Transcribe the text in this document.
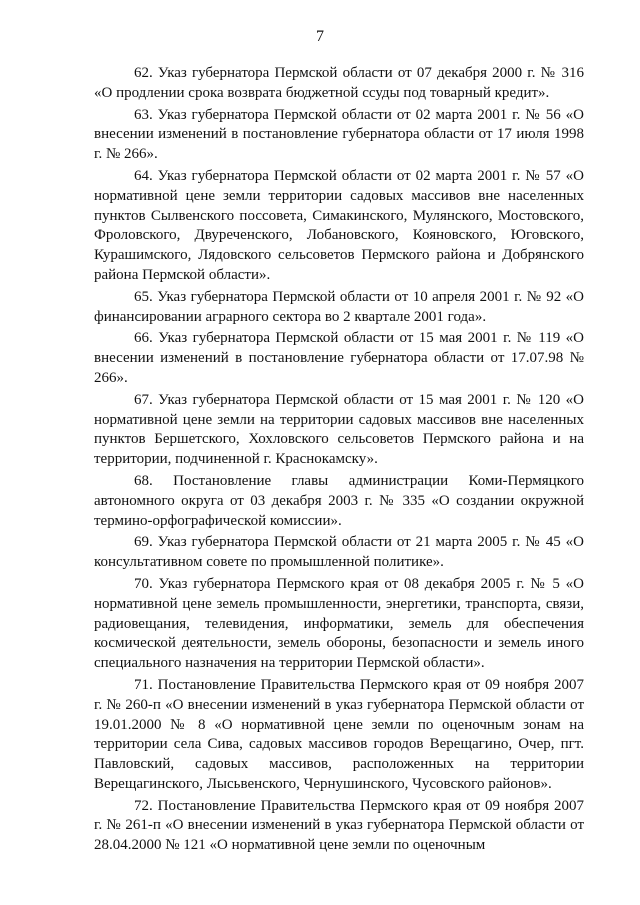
7

62. Указ губернатора Пермской области от 07 декабря 2000 г. № 316 «О продлении срока возврата бюджетной ссуды под товарный кредит».

63. Указ губернатора Пермской области от 02 марта 2001 г. № 56 «О внесении изменений в постановление губернатора области от 17 июля 1998 г. № 266».

64. Указ губернатора Пермской области от 02 марта 2001 г. № 57 «О нормативной цене земли территории садовых массивов вне населенных пунктов Сылвенского поссовета, Симакинского, Мулянского, Мостовского, Фроловского, Двуреченского, Лобановского, Кояновского, Юговского, Курашимского, Лядовского сельсоветов Пермского района и Добрянского района Пермской области».

65. Указ губернатора Пермской области от 10 апреля 2001 г. № 92 «О финансировании аграрного сектора во 2 квартале 2001 года».

66. Указ губернатора Пермской области от 15 мая 2001 г. № 119 «О внесении изменений в постановление губернатора области от 17.07.98 № 266».

67. Указ губернатора Пермской области от 15 мая 2001 г. № 120 «О нормативной цене земли на территории садовых массивов вне населенных пунктов Бершетского, Хохловского сельсоветов Пермского района и на территории, подчиненной г. Краснокамску».

68. Постановление главы администрации Коми-Пермяцкого автономного округа от 03 декабря 2003 г. № 335 «О создании окружной термино-орфографической комиссии».

69. Указ губернатора Пермской области от 21 марта 2005 г. № 45 «О консультативном совете по промышленной политике».

70. Указ губернатора Пермского края от 08 декабря 2005 г. № 5 «О нормативной цене земель промышленности, энергетики, транспорта, связи, радиовещания, телевидения, информатики, земель для обеспечения космической деятельности, земель обороны, безопасности и земель иного специального назначения на территории Пермской области».

71. Постановление Правительства Пермского края от 09 ноября 2007 г. № 260-п «О внесении изменений в указ губернатора Пермской области от 19.01.2000 № 8 «О нормативной цене земли по оценочным зонам на территории села Сива, садовых массивов городов Верещагино, Очер, пгт. Павловский, садовых массивов, расположенных на территории Верещагинского, Лысьвенского, Чернушинского, Чусовского районов».

72. Постановление Правительства Пермского края от 09 ноября 2007 г. № 261-п «О внесении изменений в указ губернатора Пермской области от 28.04.2000 № 121 «О нормативной цене земли по оценочным
